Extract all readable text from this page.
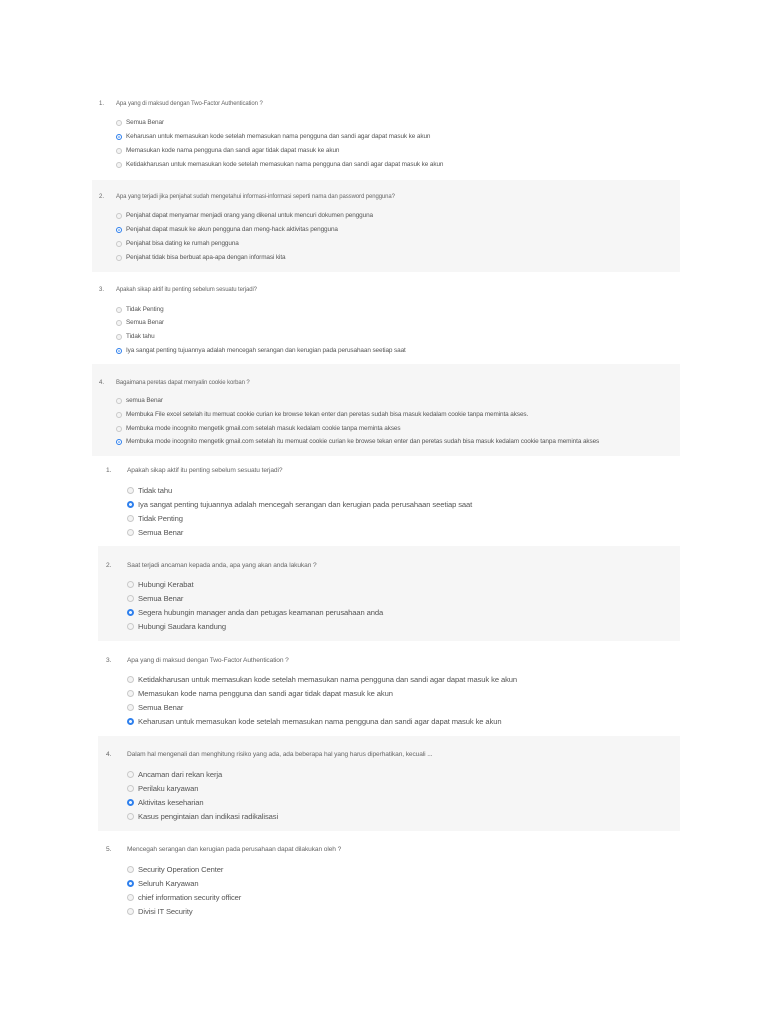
1. Apa yang di maksud dengan Two-Factor Authentication ?
Semua Benar
Keharusan untuk memasukan kode setelah memasukan nama pengguna dan sandi agar dapat masuk ke akun
Memasukan kode nama pengguna dan sandi agar tidak dapat masuk ke akun
Ketidakharusan untuk memasukan kode setelah memasukan nama pengguna dan sandi agar dapat masuk ke akun
2. Apa yang terjadi jika penjahat sudah mengetahui informasi-informasi seperti nama dan password pengguna?
Penjahat dapat menyamar menjadi orang yang dikenal untuk mencuri dokumen pengguna
Penjahat dapat masuk ke akun pengguna dan meng-hack aktivitas pengguna
Penjahat bisa dating ke rumah pengguna
Penjahat tidak bisa berbuat apa-apa dengan informasi kita
3. Apakah sikap aktif itu penting sebelum sesuatu terjadi?
Tidak Penting
Semua Benar
Tidak tahu
Iya sangat penting tujuannya adalah mencegah serangan dan kerugian pada perusahaan seetiap saat
4. Bagaimana peretas dapat menyalin cookie korban ?
semua Benar
Membuka File excel setelah itu memuat cookie curian ke browse tekan enter dan peretas sudah bisa masuk kedalam cookie tanpa meminta akses.
Membuka mode incognito mengetik gmail.com setelah masuk kedalam cookie tanpa meminta akses
Membuka mode incognito mengetik gmail.com setelah itu memuat cookie curian ke browse tekan enter dan peretas sudah bisa masuk kedalam cookie tanpa meminta akses
1. Apakah sikap aktif itu penting sebelum sesuatu terjadi?
Tidak tahu
Iya sangat penting tujuannya adalah mencegah serangan dan kerugian pada perusahaan seetiap saat
Tidak Penting
Semua Benar
2. Saat terjadi ancaman kepada anda, apa yang akan anda lakukan ?
Hubungi Kerabat
Semua Benar
Segera hubungin manager anda dan petugas keamanan perusahaan anda
Hubungi Saudara kandung
3. Apa yang di maksud dengan Two-Factor Authentication ?
Ketidakharusan untuk memasukan kode setelah memasukan nama pengguna dan sandi agar dapat masuk ke akun
Memasukan kode nama pengguna dan sandi agar tidak dapat masuk ke akun
Semua Benar
Keharusan untuk memasukan kode setelah memasukan nama pengguna dan sandi agar dapat masuk ke akun
4. Dalam hal mengenali dan menghitung risiko yang ada, ada beberapa hal yang harus diperhatikan, kecuali ...
Ancaman dari rekan kerja
Perilaku karyawan
Aktivitas keseharian
Kasus pengintaian dan indikasi radikalisasi
5. Mencegah serangan dan kerugian pada perusahaan dapat dilakukan oleh ?
Security Operation Center
Seluruh Karyawan
chief information security officer
Divisi IT Security
